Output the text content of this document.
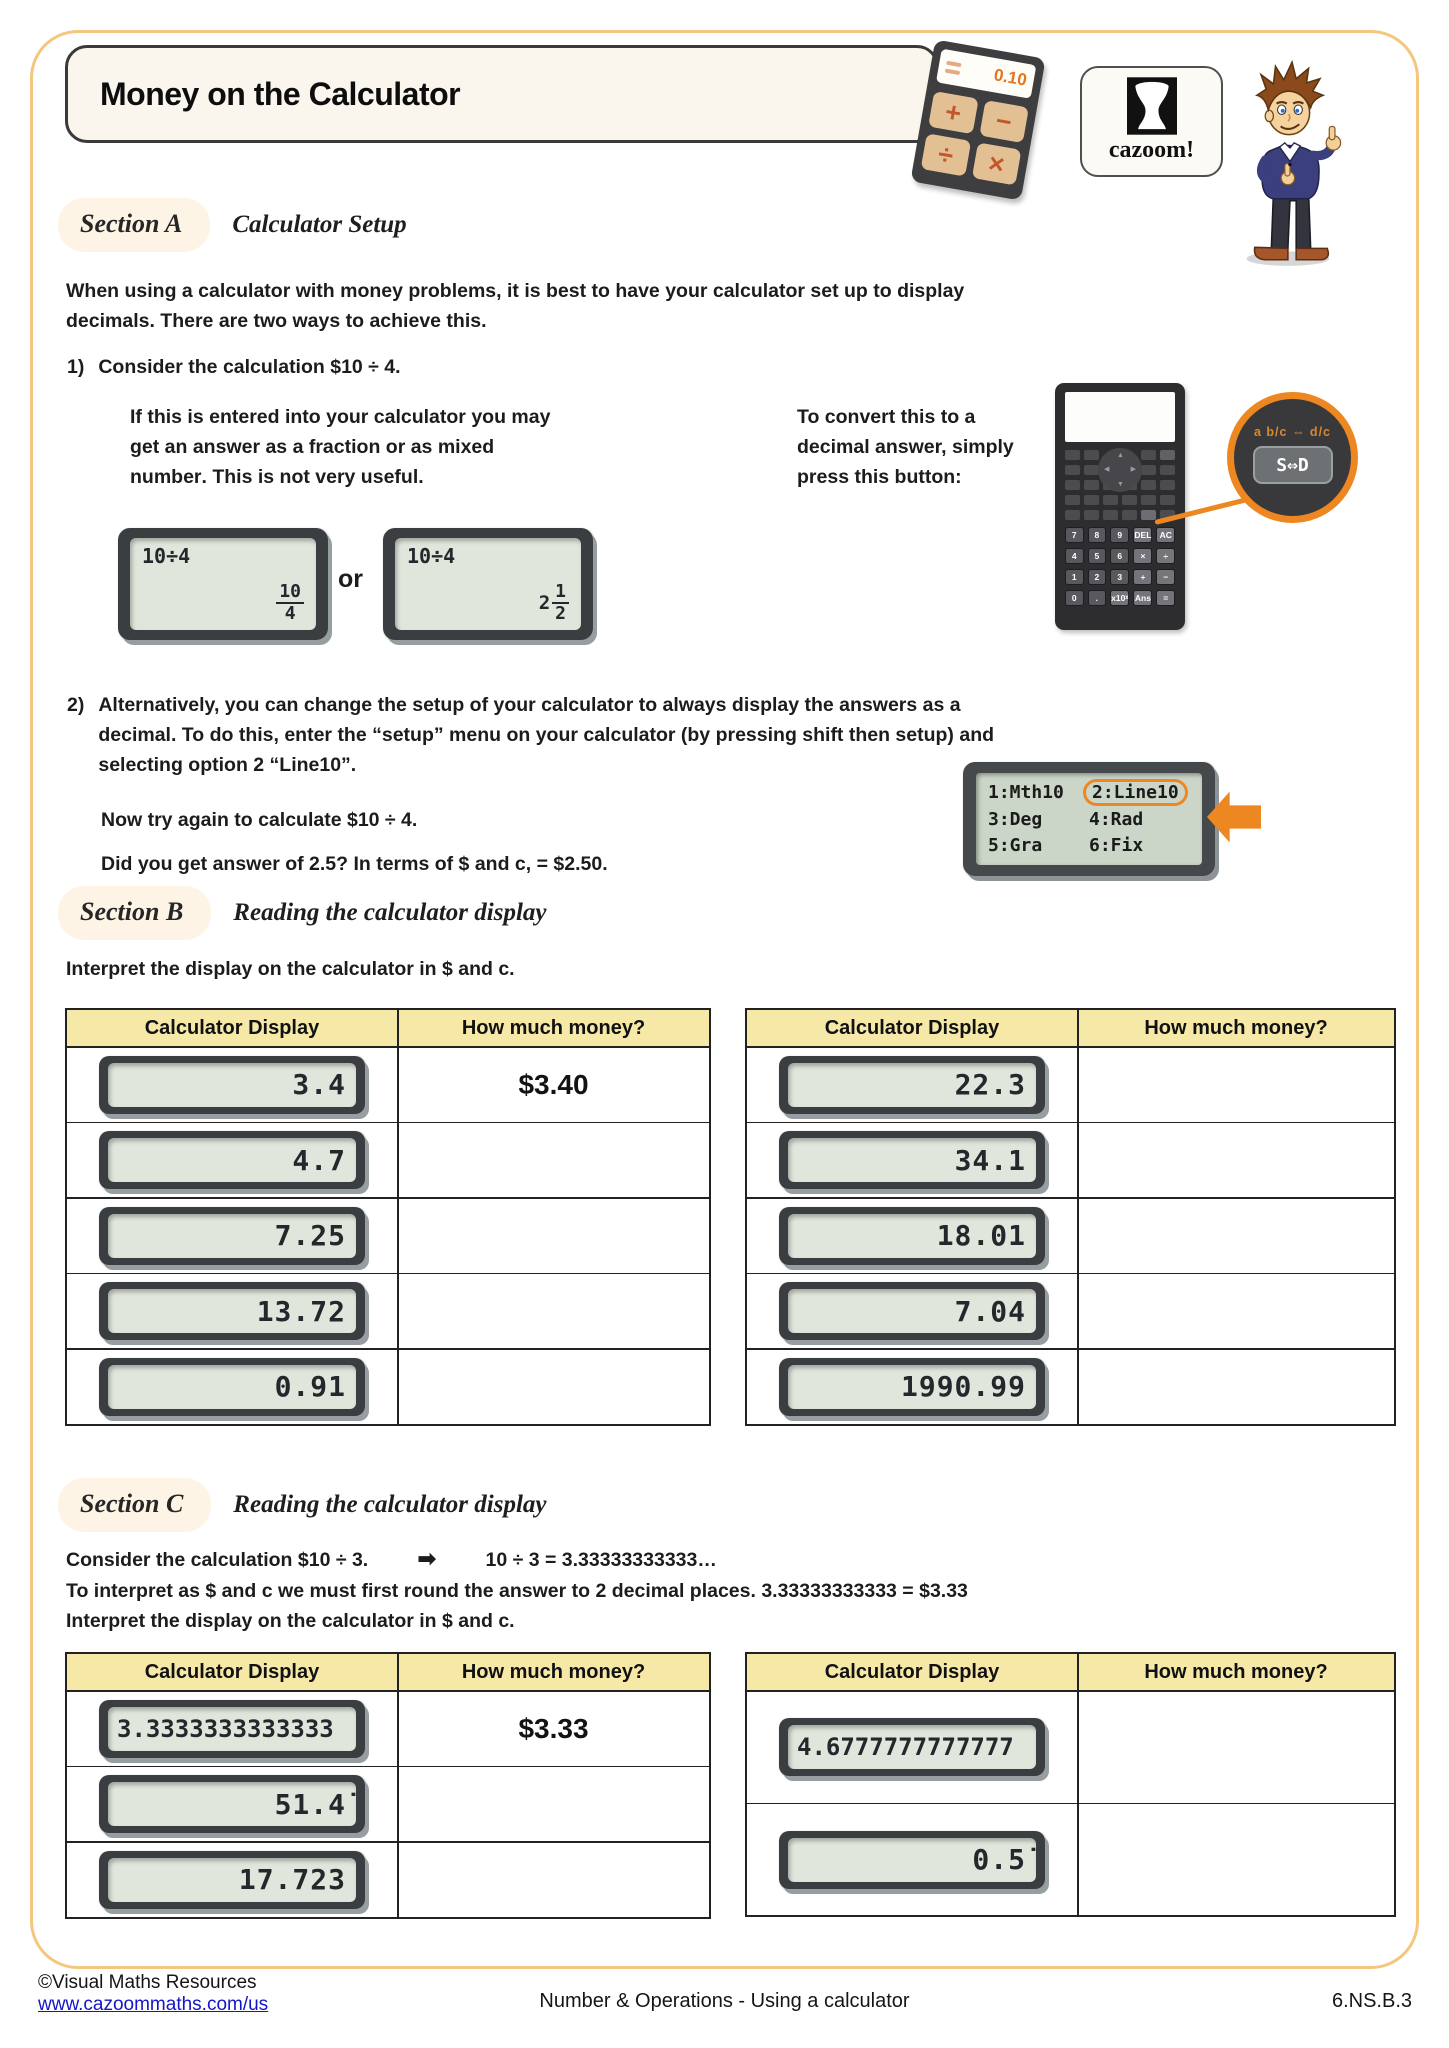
Money on the Calculator	0.10
+	−
÷	×	cazoom!
Section A	Calculator Setup
When using a calculator with money problems, it is best to have your calculator set up to display decimals. There are two ways to achieve this.
1) Consider the calculation $10 ÷ 4.
If this is entered into your calculator you may get an answer as a fraction or as mixed number. This is not very useful.
To convert this to a decimal answer, simply press this button:
10÷4
$\frac{10}{4}$
or
10÷4
$2 \frac{1}{2}$
▲
▼
◀	▶
7	8	9	DEL AC
4	5	6	×	÷
1	2	3	+	−
0	.	x10ˣ Ans	=
a b/c ⇔ d/c
S⇔D
2) Alternatively, you can change the setup of your calculator to always display the answers as a decimal. To do this, enter the “setup” menu on your calculator (by pressing shift then setup) and selecting option 2 “Line10”.
Now try again to calculate $10 ÷ 4.
Did you get answer of 2.5? In terms of $ and c, = $2.50.
1:Mth10	2:Line10
3:Deg	4:Rad
5:Gra	6:Fix
Section B	Reading the calculator display
Interpret the display on the calculator in $ and c.
Calculator Display	How much money?
3.4	$3.40
4.7
7.25
13.72
0.91
Calculator Display	How much money?
22.3
34.1
18.01
7.04
1990.99
Section C	Reading the calculator display
Consider the calculation $10 ÷ 3. ➡	10 ÷ 3 = 3.33333333333…
To interpret as $ and c we must first round the answer to 2 decimal places. 3.33333333333 = $3.33
Interpret the display on the calculator in $ and c.
Calculator Display	How much money?
3.3333333333333	$3.33
51.4̇
17.723
Calculator Display	How much money?
4.6777777777777
0.5̇
©Visual Maths Resources
www.cazoommaths.com/us	Number & Operations - Using a calculator	6.NS.B.3
